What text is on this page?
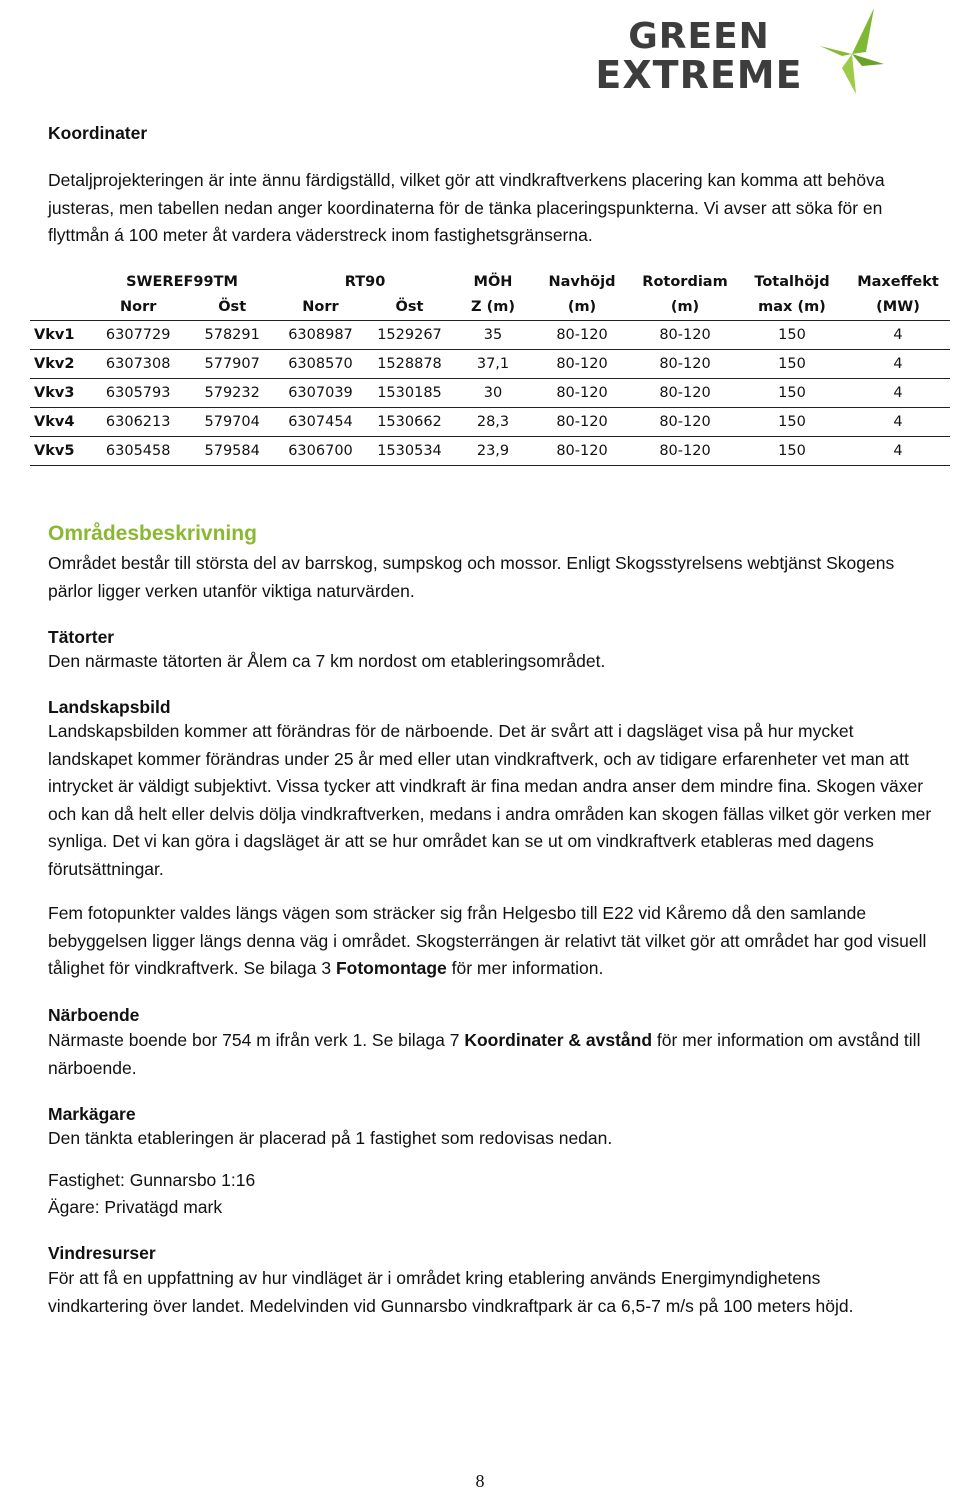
GREEN
EXTREME
Koordinater
Detaljprojekteringen är inte ännu färdigställd, vilket gör att vindkraftverkens placering kan komma att behöva justeras, men tabellen nedan anger koordinaterna för de tänka placeringspunkterna. Vi avser att söka för en flyttmån á 100 meter åt vardera väderstreck inom fastighetsgränserna.
	SWEREF99TM		RT90		MÖH	Navhöjd	Rotordiam	Totalhöjd	Maxeffekt
	Norr	Öst	Norr	Öst	Z (m)	(m)	(m)	max (m)	(MW)
Vkv1	6307729	578291	6308987	1529267	35	80-120	80-120	150	4
Vkv2	6307308	577907	6308570	1528878	37,1	80-120	80-120	150	4
Vkv3	6305793	579232	6307039	1530185	30	80-120	80-120	150	4
Vkv4	6306213	579704	6307454	1530662	28,3	80-120	80-120	150	4
Vkv5	6305458	579584	6306700	1530534	23,9	80-120	80-120	150	4
Områdesbeskrivning
Området består till största del av barrskog, sumpskog och mossor. Enligt Skogsstyrelsens webtjänst Skogens pärlor ligger verken utanför viktiga naturvärden.
Tätorter
Den närmaste tätorten är Ålem ca 7 km nordost om etableringsområdet.
Landskapsbild
Landskapsbilden kommer att förändras för de närboende. Det är svårt att i dagsläget visa på hur mycket landskapet kommer förändras under 25 år med eller utan vindkraftverk, och av tidigare erfarenheter vet man att intrycket är väldigt subjektivt. Vissa tycker att vindkraft är fina medan andra anser dem mindre fina. Skogen växer och kan då helt eller delvis dölja vindkraftverken, medans i andra områden kan skogen fällas vilket gör verken mer synliga. Det vi kan göra i dagsläget är att se hur området kan se ut om vindkraftverk etableras med dagens förutsättningar.
Fem fotopunkter valdes längs vägen som sträcker sig från Helgesbo till E22 vid Kåremo då den samlande bebyggelsen ligger längs denna väg i området. Skogsterrängen är relativt tät vilket gör att området har god visuell tålighet för vindkraftverk. Se bilaga 3 Fotomontage för mer information.
Närboende
Närmaste boende bor 754 m ifrån verk 1. Se bilaga 7 Koordinater & avstånd för mer information om avstånd till närboende.
Markägare
Den tänkta etableringen är placerad på 1 fastighet som redovisas nedan.
Fastighet: Gunnarsbo 1:16
Ägare: Privatägd mark
Vindresurser
För att få en uppfattning av hur vindläget är i området kring etablering används Energimyndighetens vindkartering över landet. Medelvinden vid Gunnarsbo vindkraftpark är ca 6,5-7 m/s på 100 meters höjd.
8
